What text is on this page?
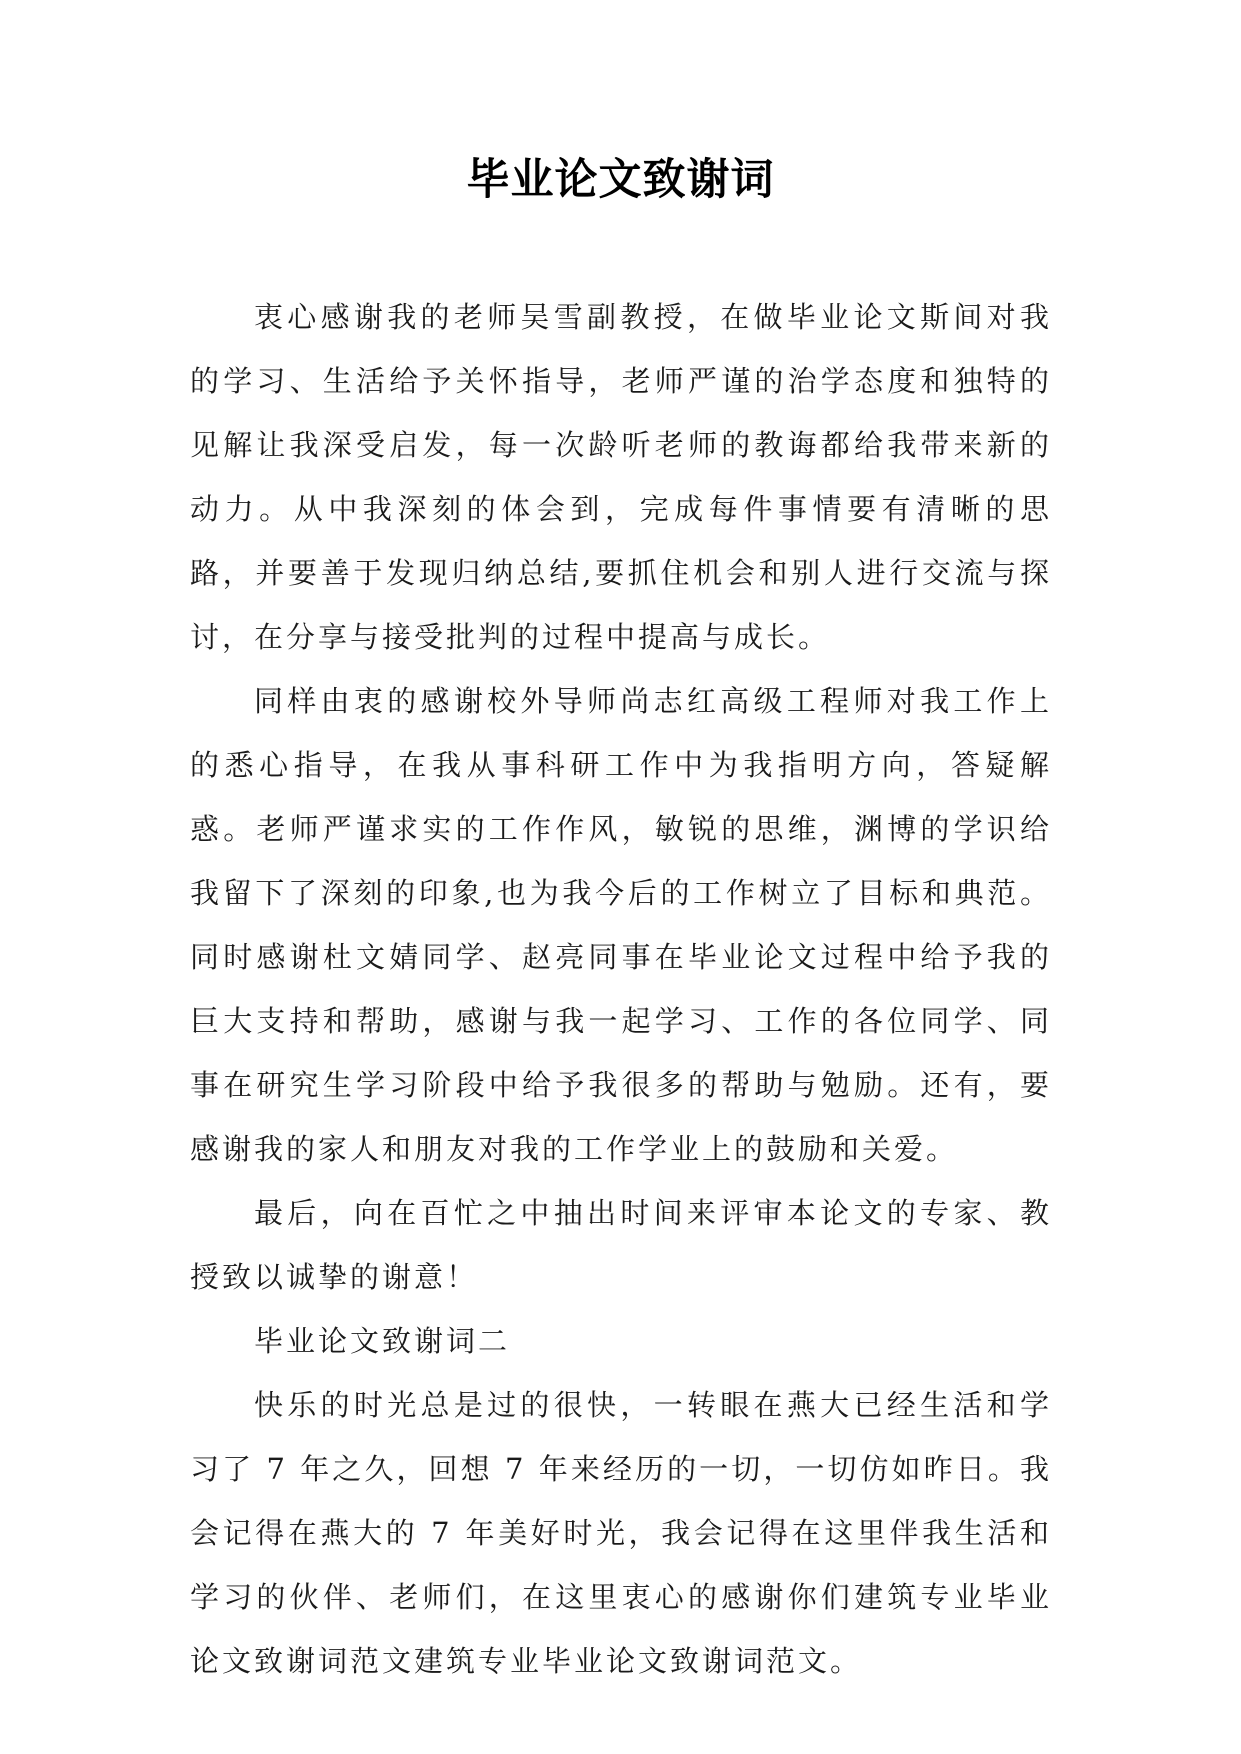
毕业论文致谢词

衷心感谢我的老师吴雪副教授，在做毕业论文斯间对我的学习、生活给予关怀指导，老师严谨的治学态度和独特的见解让我深受启发，每一次龄听老师的教诲都给我带来新的动力。从中我深刻的体会到，完成每件事情要有清晰的思路，并要善于发现归纳总结,要抓住机会和别人进行交流与探讨，在分享与接受批判的过程中提高与成长。

同样由衷的感谢校外导师尚志红高级工程师对我工作上的悉心指导，在我从事科研工作中为我指明方向，答疑解惑。老师严谨求实的工作作风，敏锐的思维，渊博的学识给我留下了深刻的印象,也为我今后的工作树立了目标和典范。同时感谢杜文婧同学、赵亮同事在毕业论文过程中给予我的巨大支持和帮助，感谢与我一起学习、工作的各位同学、同事在研究生学习阶段中给予我很多的帮助与勉励。还有，要感谢我的家人和朋友对我的工作学业上的鼓励和关爱。

最后，向在百忙之中抽出时间来评审本论文的专家、教授致以诚挚的谢意！

毕业论文致谢词二

快乐的时光总是过的很快，一转眼在燕大已经生活和学习了 7 年之久，回想 7 年来经历的一切，一切仿如昨日。我会记得在燕大的 7 年美好时光，我会记得在这里伴我生活和学习的伙伴、老师们，在这里衷心的感谢你们建筑专业毕业论文致谢词范文建筑专业毕业论文致谢词范文。
